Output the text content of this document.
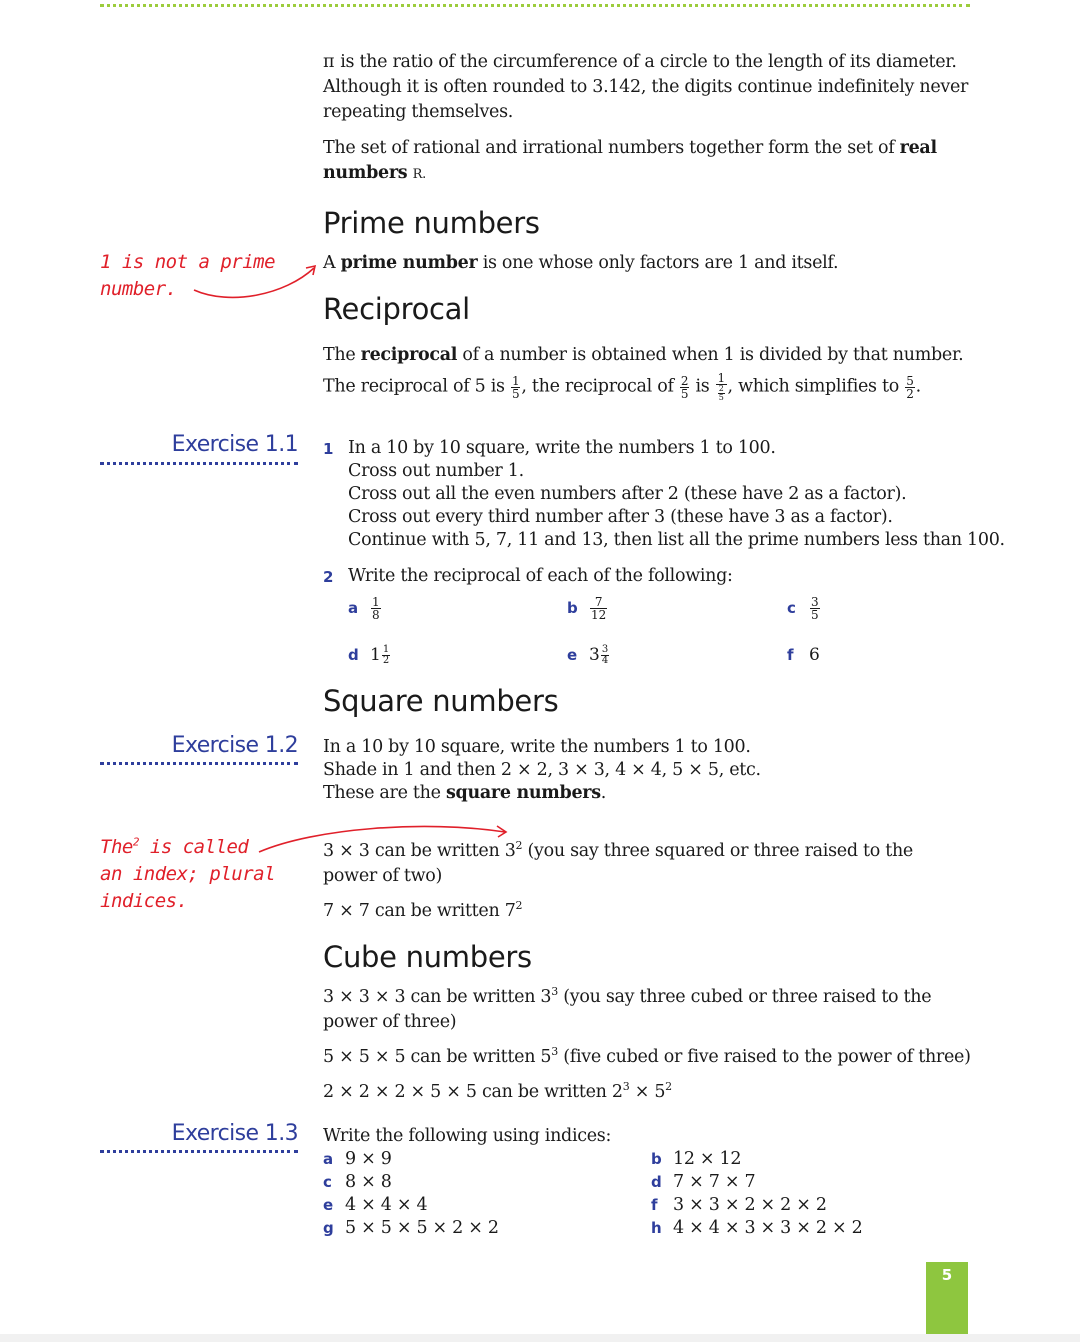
5

π is the ratio of the circumference of a circle to the length of its diameter. Although it is often rounded to 3.142, the digits continue indefinitely never repeating themselves.

The set of rational and irrational numbers together form the set of real numbers R.

Prime numbers

A prime number is one whose only factors are 1 and itself.

1 is not a prime
number.
Reciprocal

The reciprocal of a number is obtained when 1 is divided by that number.

The reciprocal of 5 is $\frac{1}{5}$ , the reciprocal of $\frac{2}{5}$ is $\frac{1}{\frac{2}{5}}$ , which simplifies to $\frac{5}{2}$ .

Exercise 1.1 1 In a 10 by 10 square, write the numbers 1 to 100.
Cross out number 1.
Cross out all the even numbers after 2 (these have 2 as a factor).
Cross out every third number after 3 (these have 3 as a factor).
Continue with 5, 7, 11 and 13, then list all the prime numbers less than 100.
2 Write the reciprocal of each of the following:
a $\frac{1}{8}$	b $\frac{7}{12}$	c $\frac{3}{5}$
d $1 \frac{1}{2}$	e $3 \frac{3}{4}$	f 6
Square numbers
Exercise 1.2 In a 10 by 10 square, write the numbers 1 to 100.
Shade in 1 and then 2 × 2, 3 × 3, 4 × 4, 5 × 5, etc.
These are the square numbers.
The$^2$ is called
an index; plural
indices.

3 × 3 can be written $3^2$ (you say three squared or three raised to the
power of two)

7 × 7 can be written $7^2$

Cube numbers

3 × 3 × 3 can be written $3^3$ (you say three cubed or three raised to the
power of three)

5 × 5 × 5 can be written $5^3$ (five cubed or five raised to the power of three)

2 × 2 × 2 × 5 × 5 can be written $2^3 \times 5^2$

Exercise 1.3 Write the following using indices:
a 9 × 9	b 12 × 12
c 8 × 8	d 7 × 7 × 7
e 4 × 4 × 4	f 3 × 3 × 2 × 2 × 2
g 5 × 5 × 5 × 2 × 2	h 4 × 4 × 3 × 3 × 2 × 2
